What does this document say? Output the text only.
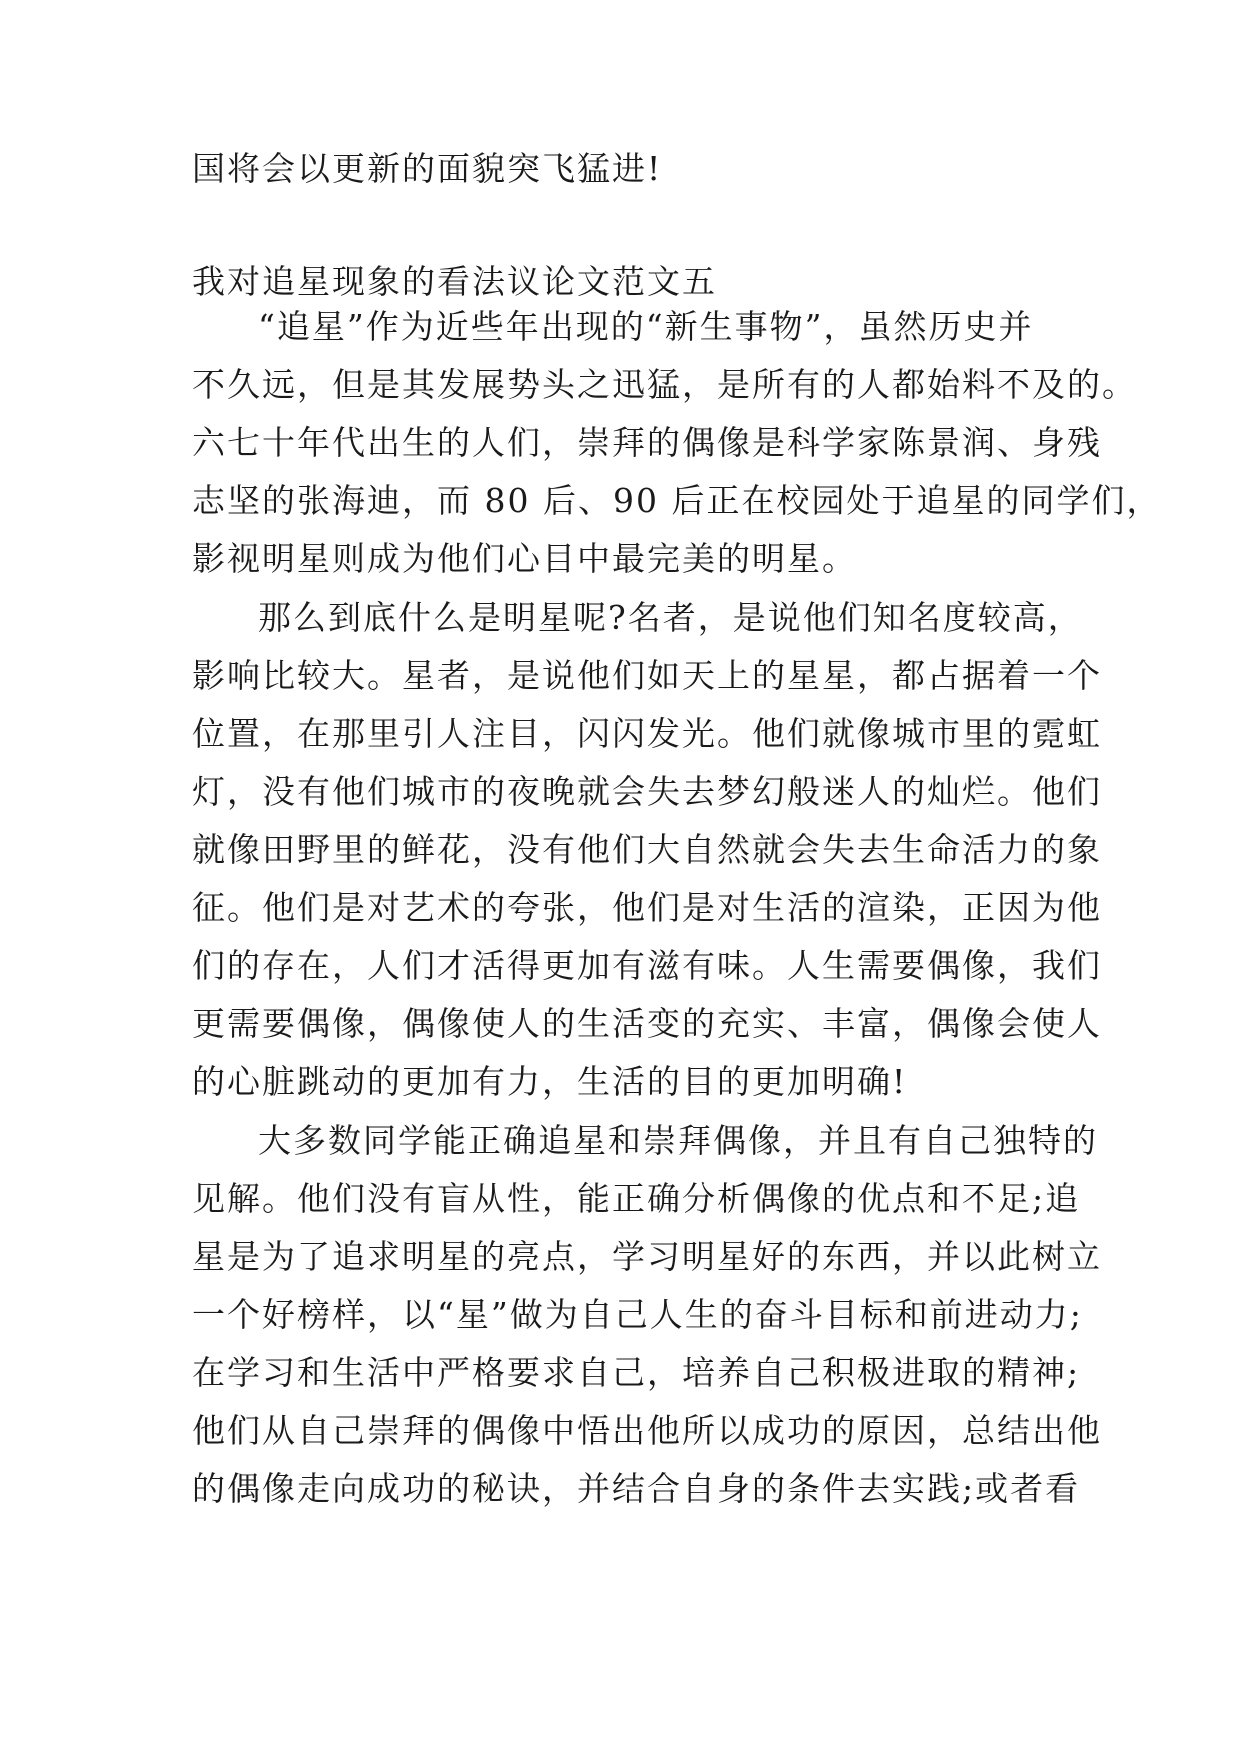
国将会以更新的面貌突飞猛进!
我对追星现象的看法议论文范文五
“追星”作为近些年出现的“新生事物”，虽然历史并
不久远，但是其发展势头之迅猛，是所有的人都始料不及的。
六七十年代出生的人们，崇拜的偶像是科学家陈景润、身残
志坚的张海迪，而 80 后、90 后正在校园处于追星的同学们，
影视明星则成为他们心目中最完美的明星。
那么到底什么是明星呢?名者，是说他们知名度较高，
影响比较大。星者，是说他们如天上的星星，都占据着一个
位置，在那里引人注目，闪闪发光。他们就像城市里的霓虹
灯，没有他们城市的夜晚就会失去梦幻般迷人的灿烂。他们
就像田野里的鲜花，没有他们大自然就会失去生命活力的象
征。他们是对艺术的夸张，他们是对生活的渲染，正因为他
们的存在，人们才活得更加有滋有味。人生需要偶像，我们
更需要偶像，偶像使人的生活变的充实、丰富，偶像会使人
的心脏跳动的更加有力，生活的目的更加明确!
大多数同学能正确追星和崇拜偶像，并且有自己独特的
见解。他们没有盲从性，能正确分析偶像的优点和不足;追
星是为了追求明星的亮点，学习明星好的东西，并以此树立
一个好榜样，以“星”做为自己人生的奋斗目标和前进动力;
在学习和生活中严格要求自己，培养自己积极进取的精神;
他们从自己崇拜的偶像中悟出他所以成功的原因，总结出他
的偶像走向成功的秘诀，并结合自身的条件去实践;或者看
